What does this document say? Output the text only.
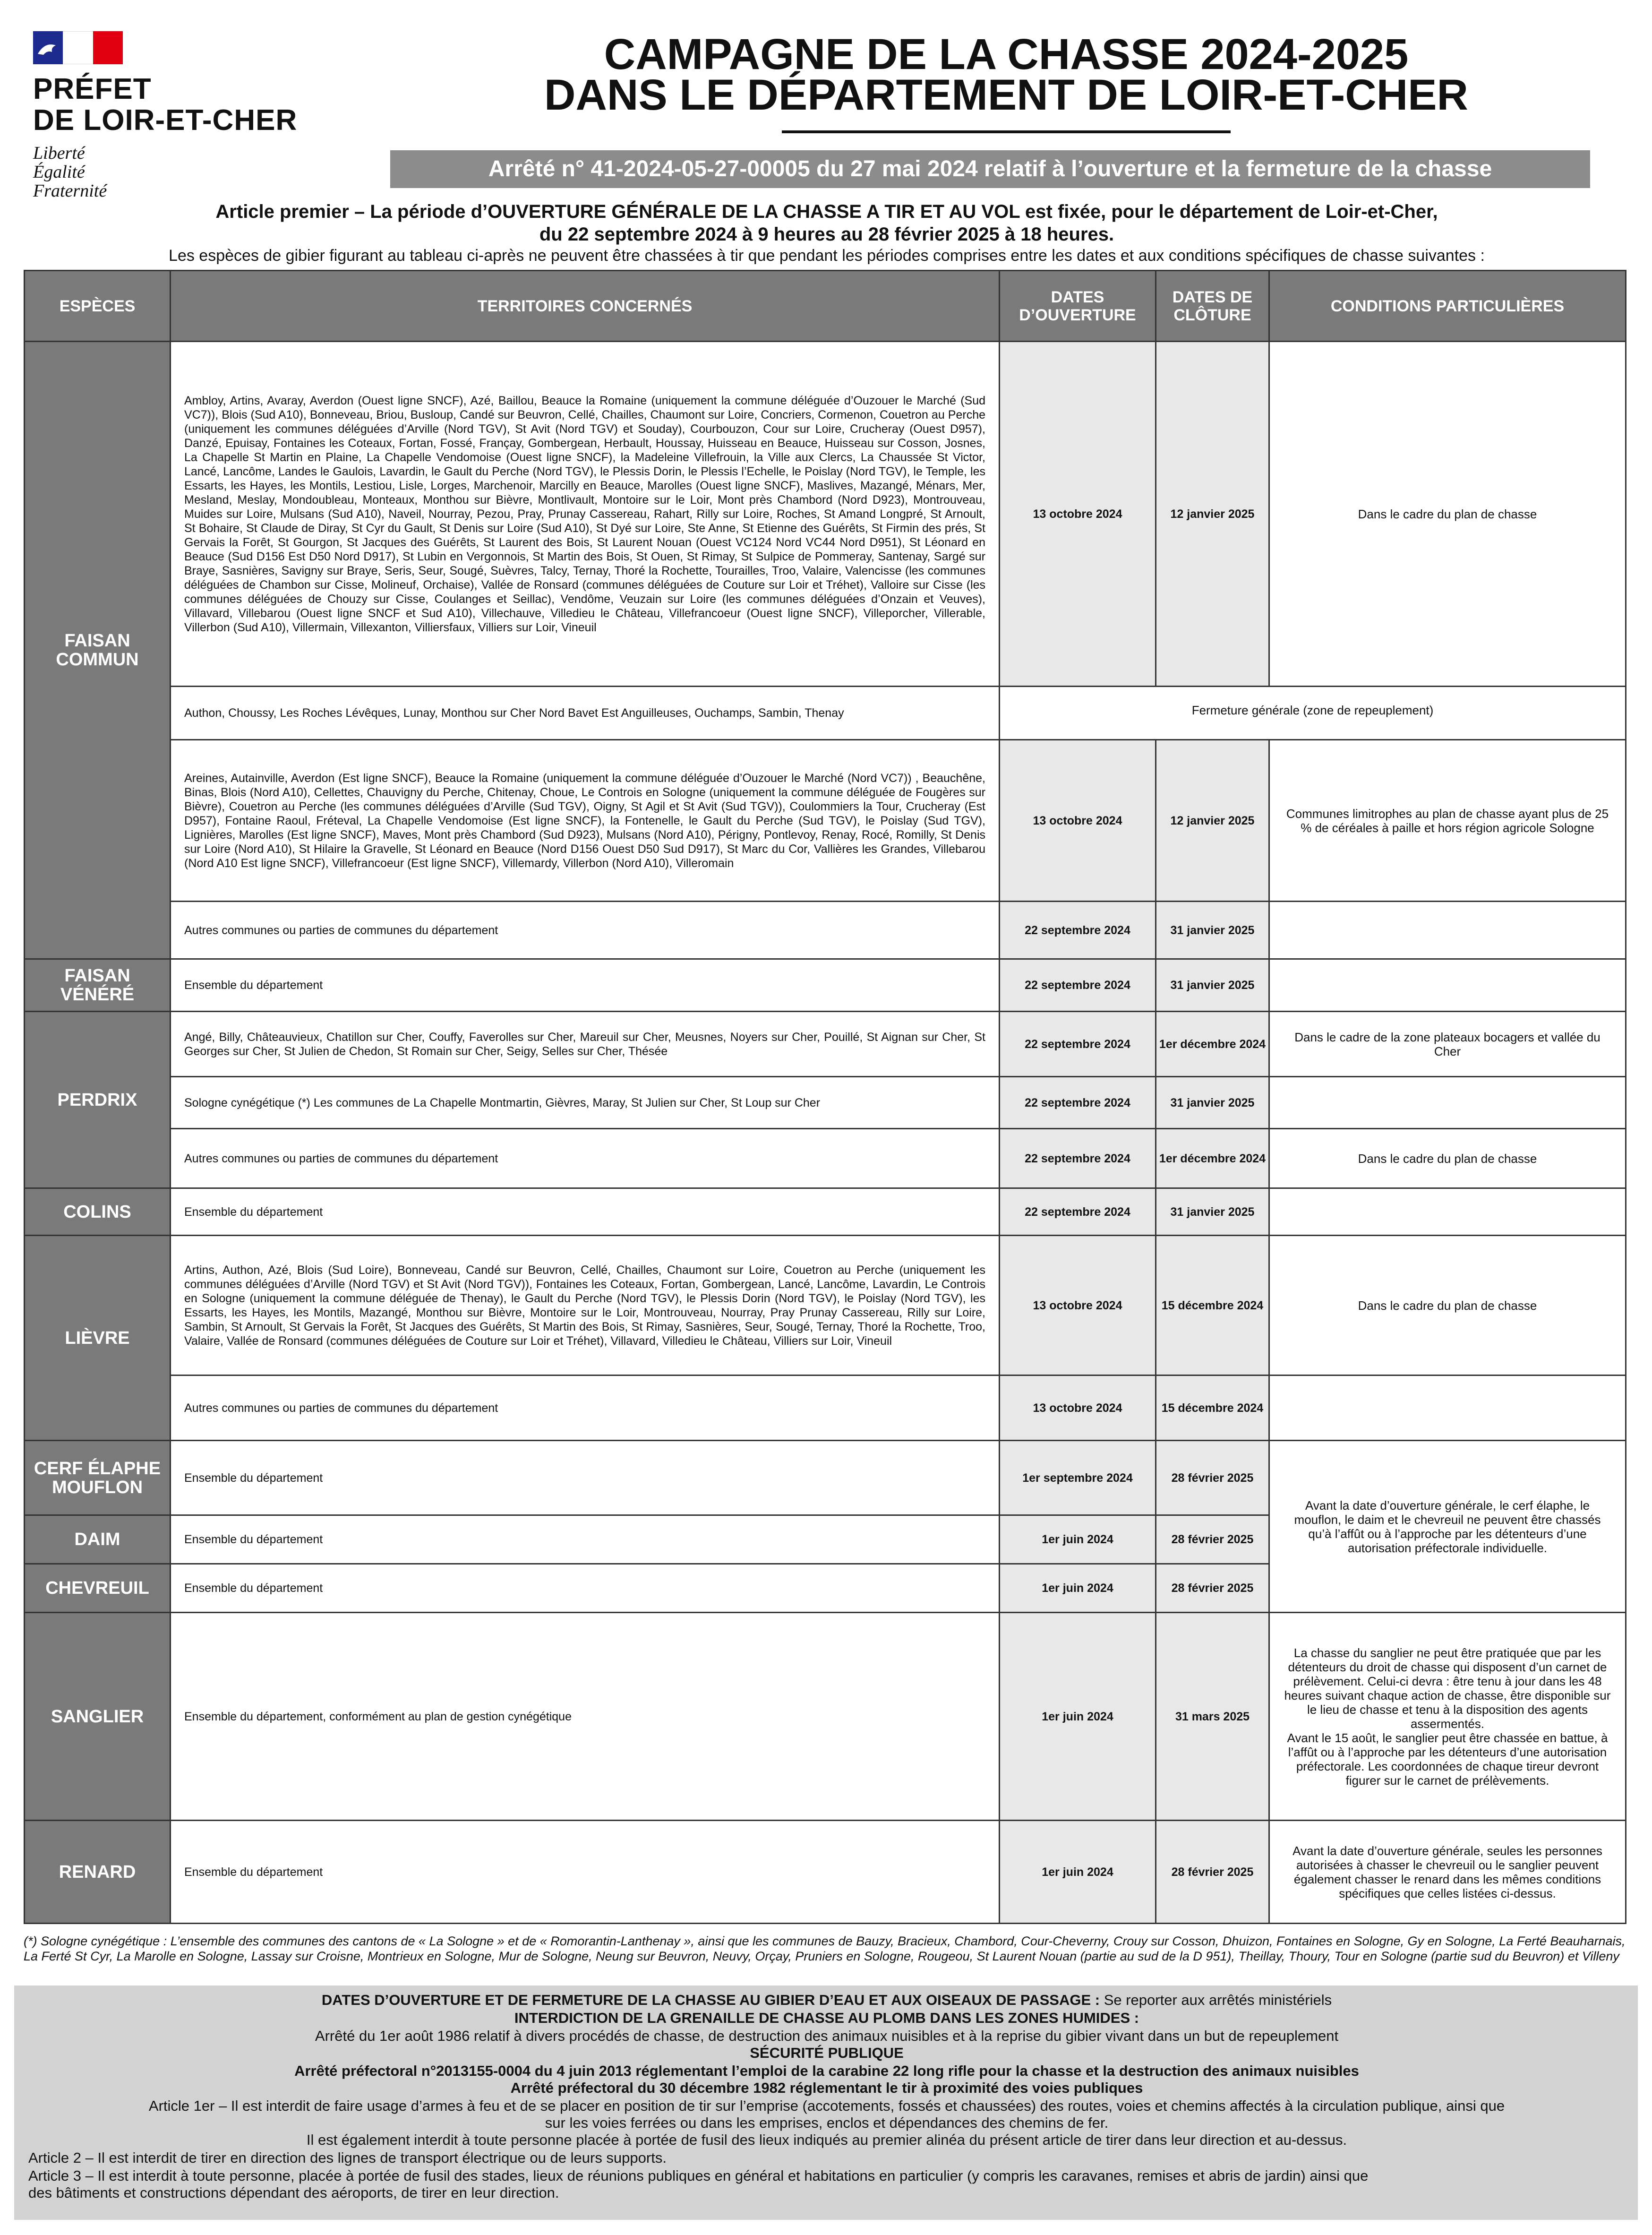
PRÉFET
DE LOIR-ET-CHER
Liberté
Égalité
Fraternité
CAMPAGNE DE LA CHASSE 2024-2025
DANS LE DÉPARTEMENT DE LOIR-ET-CHER
Arrêté n° 41-2024-05-27-00005 du 27 mai 2024 relatif à l’ouverture et la fermeture de la chasse
Article premier – La période d’OUVERTURE GÉNÉRALE DE LA CHASSE A TIR ET AU VOL est fixée, pour le département de Loir-et-Cher,
du 22 septembre 2024 à 9 heures au 28 février 2025 à 18 heures.
Les espèces de gibier figurant au tableau ci-après ne peuvent être chassées à tir que pendant les périodes comprises entre les dates et aux conditions spécifiques de chasse suivantes :
ESPÈCES	TERRITOIRES CONCERNÉS	DATES D’OUVERTURE	DATES DE CLÔTURE	CONDITIONS PARTICULIÈRES
FAISAN COMMUN	Ambloy, Artins, Avaray, Averdon (Ouest ligne SNCF), Azé, Baillou, Beauce la Romaine (uniquement la commune déléguée d’Ouzouer le Marché (Sud VC7)), Blois (Sud A10), Bonneveau, Briou, Busloup, Candé sur Beuvron, Cellé, Chailles, Chaumont sur Loire, Concriers, Cormenon, Couetron au Perche (uniquement les communes déléguées d’Arville (Nord TGV), St Avit (Nord TGV) et Souday), Courbouzon, Cour sur Loire, Crucheray (Ouest D957), Danzé, Epuisay, Fontaines les Coteaux, Fortan, Fossé, Françay, Gombergean, Herbault, Houssay, Huisseau en Beauce, Huisseau sur Cosson, Josnes, La Chapelle St Martin en Plaine, La Chapelle Vendomoise (Ouest ligne SNCF), la Madeleine Villefrouin, la Ville aux Clercs, La Chaussée St Victor, Lancé, Lancôme, Landes le Gaulois, Lavardin, le Gault du Perche (Nord TGV), le Plessis Dorin, le Plessis l’Echelle, le Poislay (Nord TGV), le Temple, les Essarts, les Hayes, les Montils, Lestiou, Lisle, Lorges, Marchenoir, Marcilly en Beauce, Marolles (Ouest ligne SNCF), Maslives, Mazangé, Ménars, Mer, Mesland, Meslay, Mondoubleau, Monteaux, Monthou sur Bièvre, Montlivault, Montoire sur le Loir, Mont près Chambord (Nord D923), Montrouveau, Muides sur Loire, Mulsans (Sud A10), Naveil, Nourray, Pezou, Pray, Prunay Cassereau, Rahart, Rilly sur Loire, Roches, St Amand Longpré, St Arnoult, St Bohaire, St Claude de Diray, St Cyr du Gault, St Denis sur Loire (Sud A10), St Dyé sur Loire, Ste Anne, St Etienne des Guérêts, St Firmin des prés, St Gervais la Forêt, St Gourgon, St Jacques des Guérêts, St Laurent des Bois, St Laurent Nouan (Ouest VC124 Nord VC44 Nord D951), St Léonard en Beauce (Sud D156 Est D50 Nord D917), St Lubin en Vergonnois, St Martin des Bois, St Ouen, St Rimay, St Sulpice de Pommeray, Santenay, Sargé sur Braye, Sasnières, Savigny sur Braye, Seris, Seur, Sougé, Suèvres, Talcy, Ternay, Thoré la Rochette, Tourailles, Troo, Valaire, Valencisse (les communes déléguées de Chambon sur Cisse, Molineuf, Orchaise), Vallée de Ronsard (communes déléguées de Couture sur Loir et Tréhet), Valloire sur Cisse (les communes déléguées de Chouzy sur Cisse, Coulanges et Seillac), Vendôme, Veuzain sur Loire (les communes déléguées d’Onzain et Veuves), Villavard, Villebarou (Ouest ligne SNCF et Sud A10), Villechauve, Villedieu le Château, Villefrancoeur (Ouest ligne SNCF), Villeporcher, Villerable, Villerbon (Sud A10), Villermain, Villexanton, Villiersfaux, Villiers sur Loir, Vineuil	13 octobre 2024	12 janvier 2025	Dans le cadre du plan de chasse
	Authon, Choussy, Les Roches Lévêques, Lunay, Monthou sur Cher Nord Bavet Est Anguilleuses, Ouchamps, Sambin, Thenay	Fermeture générale (zone de repeuplement)		
	Areines, Autainville, Averdon (Est ligne SNCF), Beauce la Romaine (uniquement la commune déléguée d’Ouzouer le Marché (Nord VC7)) , Beauchêne, Binas, Blois (Nord A10), Cellettes, Chauvigny du Perche, Chitenay, Choue, Le Controis en Sologne (uniquement la commune déléguée de Fougères sur Bièvre), Couetron au Perche (les communes déléguées d’Arville (Sud TGV), Oigny, St Agil et St Avit (Sud TGV)), Coulommiers la Tour, Crucheray (Est D957), Fontaine Raoul, Fréteval, La Chapelle Vendomoise (Est ligne SNCF), la Fontenelle, le Gault du Perche (Sud TGV), le Poislay (Sud TGV), Lignières, Marolles (Est ligne SNCF), Maves, Mont près Chambord (Sud D923), Mulsans (Nord A10), Périgny, Pontlevoy, Renay, Rocé, Romilly, St Denis sur Loire (Nord A10), St Hilaire la Gravelle, St Léonard en Beauce (Nord D156 Ouest D50 Sud D917), St Marc du Cor, Vallières les Grandes, Villebarou (Nord A10 Est ligne SNCF), Villefrancoeur (Est ligne SNCF), Villemardy, Villerbon (Nord A10), Villeromain	13 octobre 2024	12 janvier 2025	Communes limitrophes au plan de chasse ayant plus de 25 % de céréales à paille et hors région agricole Sologne
	Autres communes ou parties de communes du département	22 septembre 2024	31 janvier 2025	
FAISAN VÉNÉRÉ	Ensemble du département	22 septembre 2024	31 janvier 2025	
PERDRIX	Angé, Billy, Châteauvieux, Chatillon sur Cher, Couffy, Faverolles sur Cher, Mareuil sur Cher, Meusnes, Noyers sur Cher, Pouillé, St Aignan sur Cher, St Georges sur Cher, St Julien de Chedon, St Romain sur Cher, Seigy, Selles sur Cher, Thésée	22 septembre 2024	1er décembre 2024	Dans le cadre de la zone plateaux bocagers et vallée du Cher
	Sologne cynégétique (*) Les communes de La Chapelle Montmartin, Gièvres, Maray, St Julien sur Cher, St Loup sur Cher	22 septembre 2024	31 janvier 2025	
	Autres communes ou parties de communes du département	22 septembre 2024	1er décembre 2024	Dans le cadre du plan de chasse
COLINS	Ensemble du département	22 septembre 2024	31 janvier 2025	
LIÈVRE	Artins, Authon, Azé, Blois (Sud Loire), Bonneveau, Candé sur Beuvron, Cellé, Chailles, Chaumont sur Loire, Couetron au Perche (uniquement les communes déléguées d’Arville (Nord TGV) et St Avit (Nord TGV)), Fontaines les Coteaux, Fortan, Gombergean, Lancé, Lancôme, Lavardin, Le Controis en Sologne (uniquement la commune déléguée de Thenay), le Gault du Perche (Nord TGV), le Plessis Dorin (Nord TGV), le Poislay (Nord TGV), les Essarts, les Hayes, les Montils, Mazangé, Monthou sur Bièvre, Montoire sur le Loir, Montrouveau, Nourray, Pray Prunay Cassereau, Rilly sur Loire, Sambin, St Arnoult, St Gervais la Forêt, St Jacques des Guérêts, St Martin des Bois, St Rimay, Sasnières, Seur, Sougé, Ternay, Thoré la Rochette, Troo, Valaire, Vallée de Ronsard (communes déléguées de Couture sur Loir et Tréhet), Villavard, Villedieu le Château, Villiers sur Loir, Vineuil	13 octobre 2024	15 décembre 2024	Dans le cadre du plan de chasse
	Autres communes ou parties de communes du département	13 octobre 2024	15 décembre 2024	
CERF ÉLAPHE MOUFLON	Ensemble du département	1er septembre 2024	28 février 2025	Avant la date d’ouverture générale, le cerf élaphe, le mouflon, le daim et le chevreuil ne peuvent être chassés qu’à l’affût ou à l’approche par les détenteurs d’une autorisation préfectorale individuelle.
DAIM	Ensemble du département	1er juin 2024	28 février 2025	
CHEVREUIL	Ensemble du département	1er juin 2024	28 février 2025	
SANGLIER	Ensemble du département, conformément au plan de gestion cynégétique	1er juin 2024	31 mars 2025	La chasse du sanglier ne peut être pratiquée que par les détenteurs du droit de chasse qui disposent d’un carnet de prélèvement. Celui-ci devra : être tenu à jour dans les 48 heures suivant chaque action de chasse, être disponible sur le lieu de chasse et tenu à la disposition des agents assermentés.
Avant le 15 août, le sanglier peut être chassée en battue, à l’affût ou à l’approche par les détenteurs d’une autorisation préfectorale. Les coordonnées de chaque tireur devront figurer sur le carnet de prélèvements.

RENARD	Ensemble du département	1er juin 2024	28 février 2025	Avant la date d’ouverture générale, seules les personnes autorisées à chasser le chevreuil ou le sanglier peuvent également chasser le renard dans les mêmes conditions spécifiques que celles listées ci-dessus.
(*) Sologne cynégétique : L’ensemble des communes des cantons de « La Sologne » et de « Romorantin-Lanthenay », ainsi que les communes de Bauzy, Bracieux, Chambord, Cour-Cheverny, Crouy sur Cosson, Dhuizon, Fontaines en Sologne, Gy en Sologne, La Ferté Beauharnais, La Ferté St Cyr, La Marolle en Sologne, Lassay sur Croisne, Montrieux en Sologne, Mur de Sologne, Neung sur Beuvron, Neuvy, Orçay, Pruniers en Sologne, Rougeou, St Laurent Nouan (partie au sud de la D 951), Theillay, Thoury, Tour en Sologne (partie sud du Beuvron) et Villeny
DATES D’OUVERTURE ET DE FERMETURE DE LA CHASSE AU GIBIER D’EAU ET AUX OISEAUX DE PASSAGE : Se reporter aux arrêtés ministériels
INTERDICTION DE LA GRENAILLE DE CHASSE AU PLOMB DANS LES ZONES HUMIDES :
Arrêté du 1er août 1986 relatif à divers procédés de chasse, de destruction des animaux nuisibles et à la reprise du gibier vivant dans un but de repeuplement
SÉCURITÉ PUBLIQUE
Arrêté préfectoral n°2013155-0004 du 4 juin 2013 réglementant l’emploi de la carabine 22 long rifle pour la chasse et la destruction des animaux nuisibles
Arrêté préfectoral du 30 décembre 1982 réglementant le tir à proximité des voies publiques
Article 1er – Il est interdit de faire usage d’armes à feu et de se placer en position de tir sur l’emprise (accotements, fossés et chaussées) des routes, voies et chemins affectés à la circulation publique, ainsi que
sur les voies ferrées ou dans les emprises, enclos et dépendances des chemins de fer.
Il est également interdit à toute personne placée à portée de fusil des lieux indiqués au premier alinéa du présent article de tirer dans leur direction et au-dessus.
Article 2 – Il est interdit de tirer en direction des lignes de transport électrique ou de leurs supports.
Article 3 – Il est interdit à toute personne, placée à portée de fusil des stades, lieux de réunions publiques en général et habitations en particulier (y compris les caravanes, remises et abris de jardin) ainsi que
des bâtiments et constructions dépendant des aéroports, de tirer en leur direction.
